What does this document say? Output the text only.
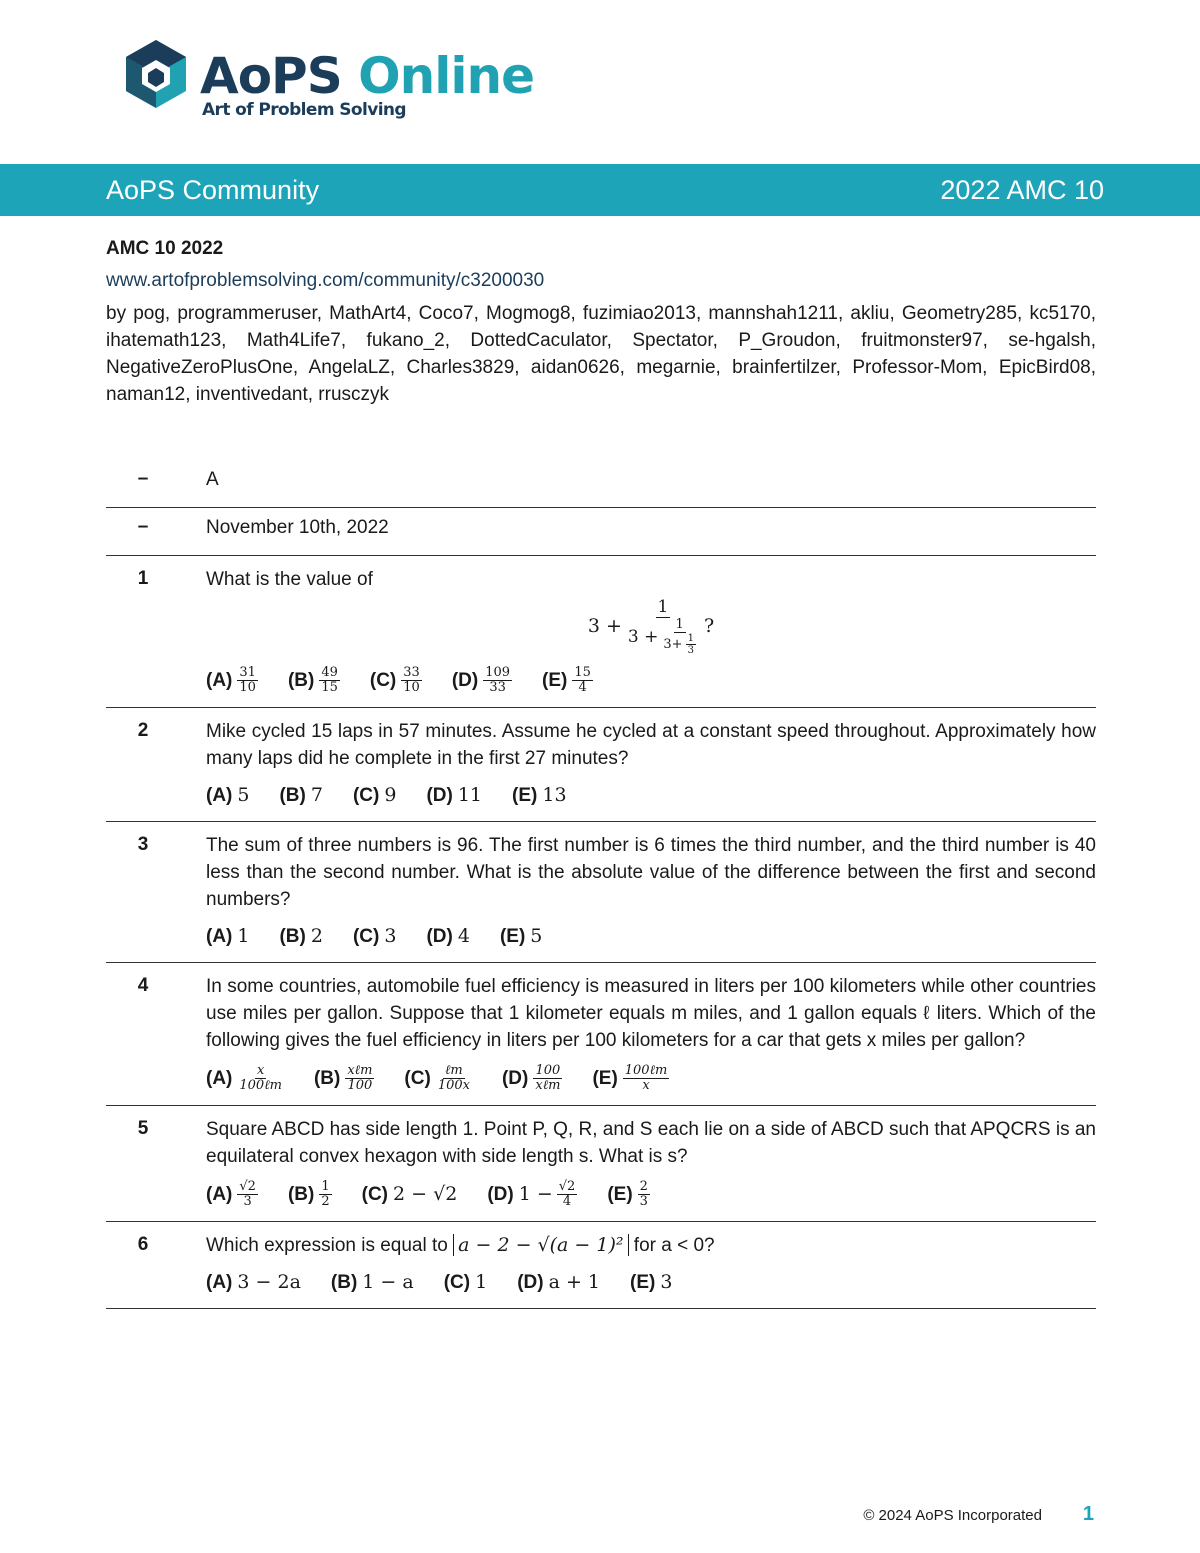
AoPS Online
Art of Problem Solving
AoPS Community	2022 AMC 10
AMC 10 2022
www.artofproblemsolving.com/community/c3200030
by pog, programmeruser, MathArt4, Coco7, Mogmog8, fuzimiao2013, mannshah1211, akliu, Geometry285, kc5170, ihatemath123, Math4Life7, fukano_2, DottedCaculator, Spectator, P_Groudon, fruitmonster97, se-hgalsh, NegativeZeroPlusOne, AngelaLZ, Charles3829, aidan0626, megarnie, brainfertilzer, Professor-Mom, EpicBird08, naman12, inventivedant, rrusczyk
–	A
–	November 10th, 2022
1	What is the value of

3 +
1
3 +
1
$3+ \frac{1}{3}$
?
$(A) \frac{31}{10} (B) \frac{49}{15} (C) \frac{33}{10} (D) \frac{109}{33} (E) \frac{15}{4}$
2	Mike cycled 15 laps in 57 minutes. Assume he cycled at a constant speed throughout. Approximately how many laps did he complete in the first 27 minutes?

(A) 5 (B) 7 (C) 9 (D) 11 (E) 13
3	The sum of three numbers is 96. The first number is 6 times the third number, and the third number is 40 less than the second number. What is the absolute value of the difference between the first and second numbers?

(A) 1 (B) 2 (C) 3 (D) 4 (E) 5
4	In some countries, automobile fuel efficiency is measured in liters per 100 kilometers while other countries use miles per gallon. Suppose that 1 kilometer equals m miles, and 1 gallon equals ℓ liters. Which of the following gives the fuel efficiency in liters per 100 kilometers for a car that gets x miles per gallon?

$(A) \frac{x}{\text{100ℓm}} (B) \frac{\text{xℓm}}{100} (C) \frac{\text{ℓm}}{100x} (D) \frac{100}{\text{xℓm}} (E) \frac{\text{100ℓm}}{x}$
5	Square ABCD has side length 1. Point P, Q, R, and S each lie on a side of ABCD such that APQCRS is an equilateral convex hexagon with side length s. What is s?

$(A) \frac{√2}{3} (B) \frac{1}{2} (C) 2 - √2$ (D) $1 - \frac{√2}{4} (E) \frac{2}{3}$
6	Which expression is equal to a − 2 − √(a − 1)² for a < 0?

(A) 3 − 2a (B) 1 − a (C) 1 (D) a + 1 (E) 3
© 2024 AoPS Incorporated 1
